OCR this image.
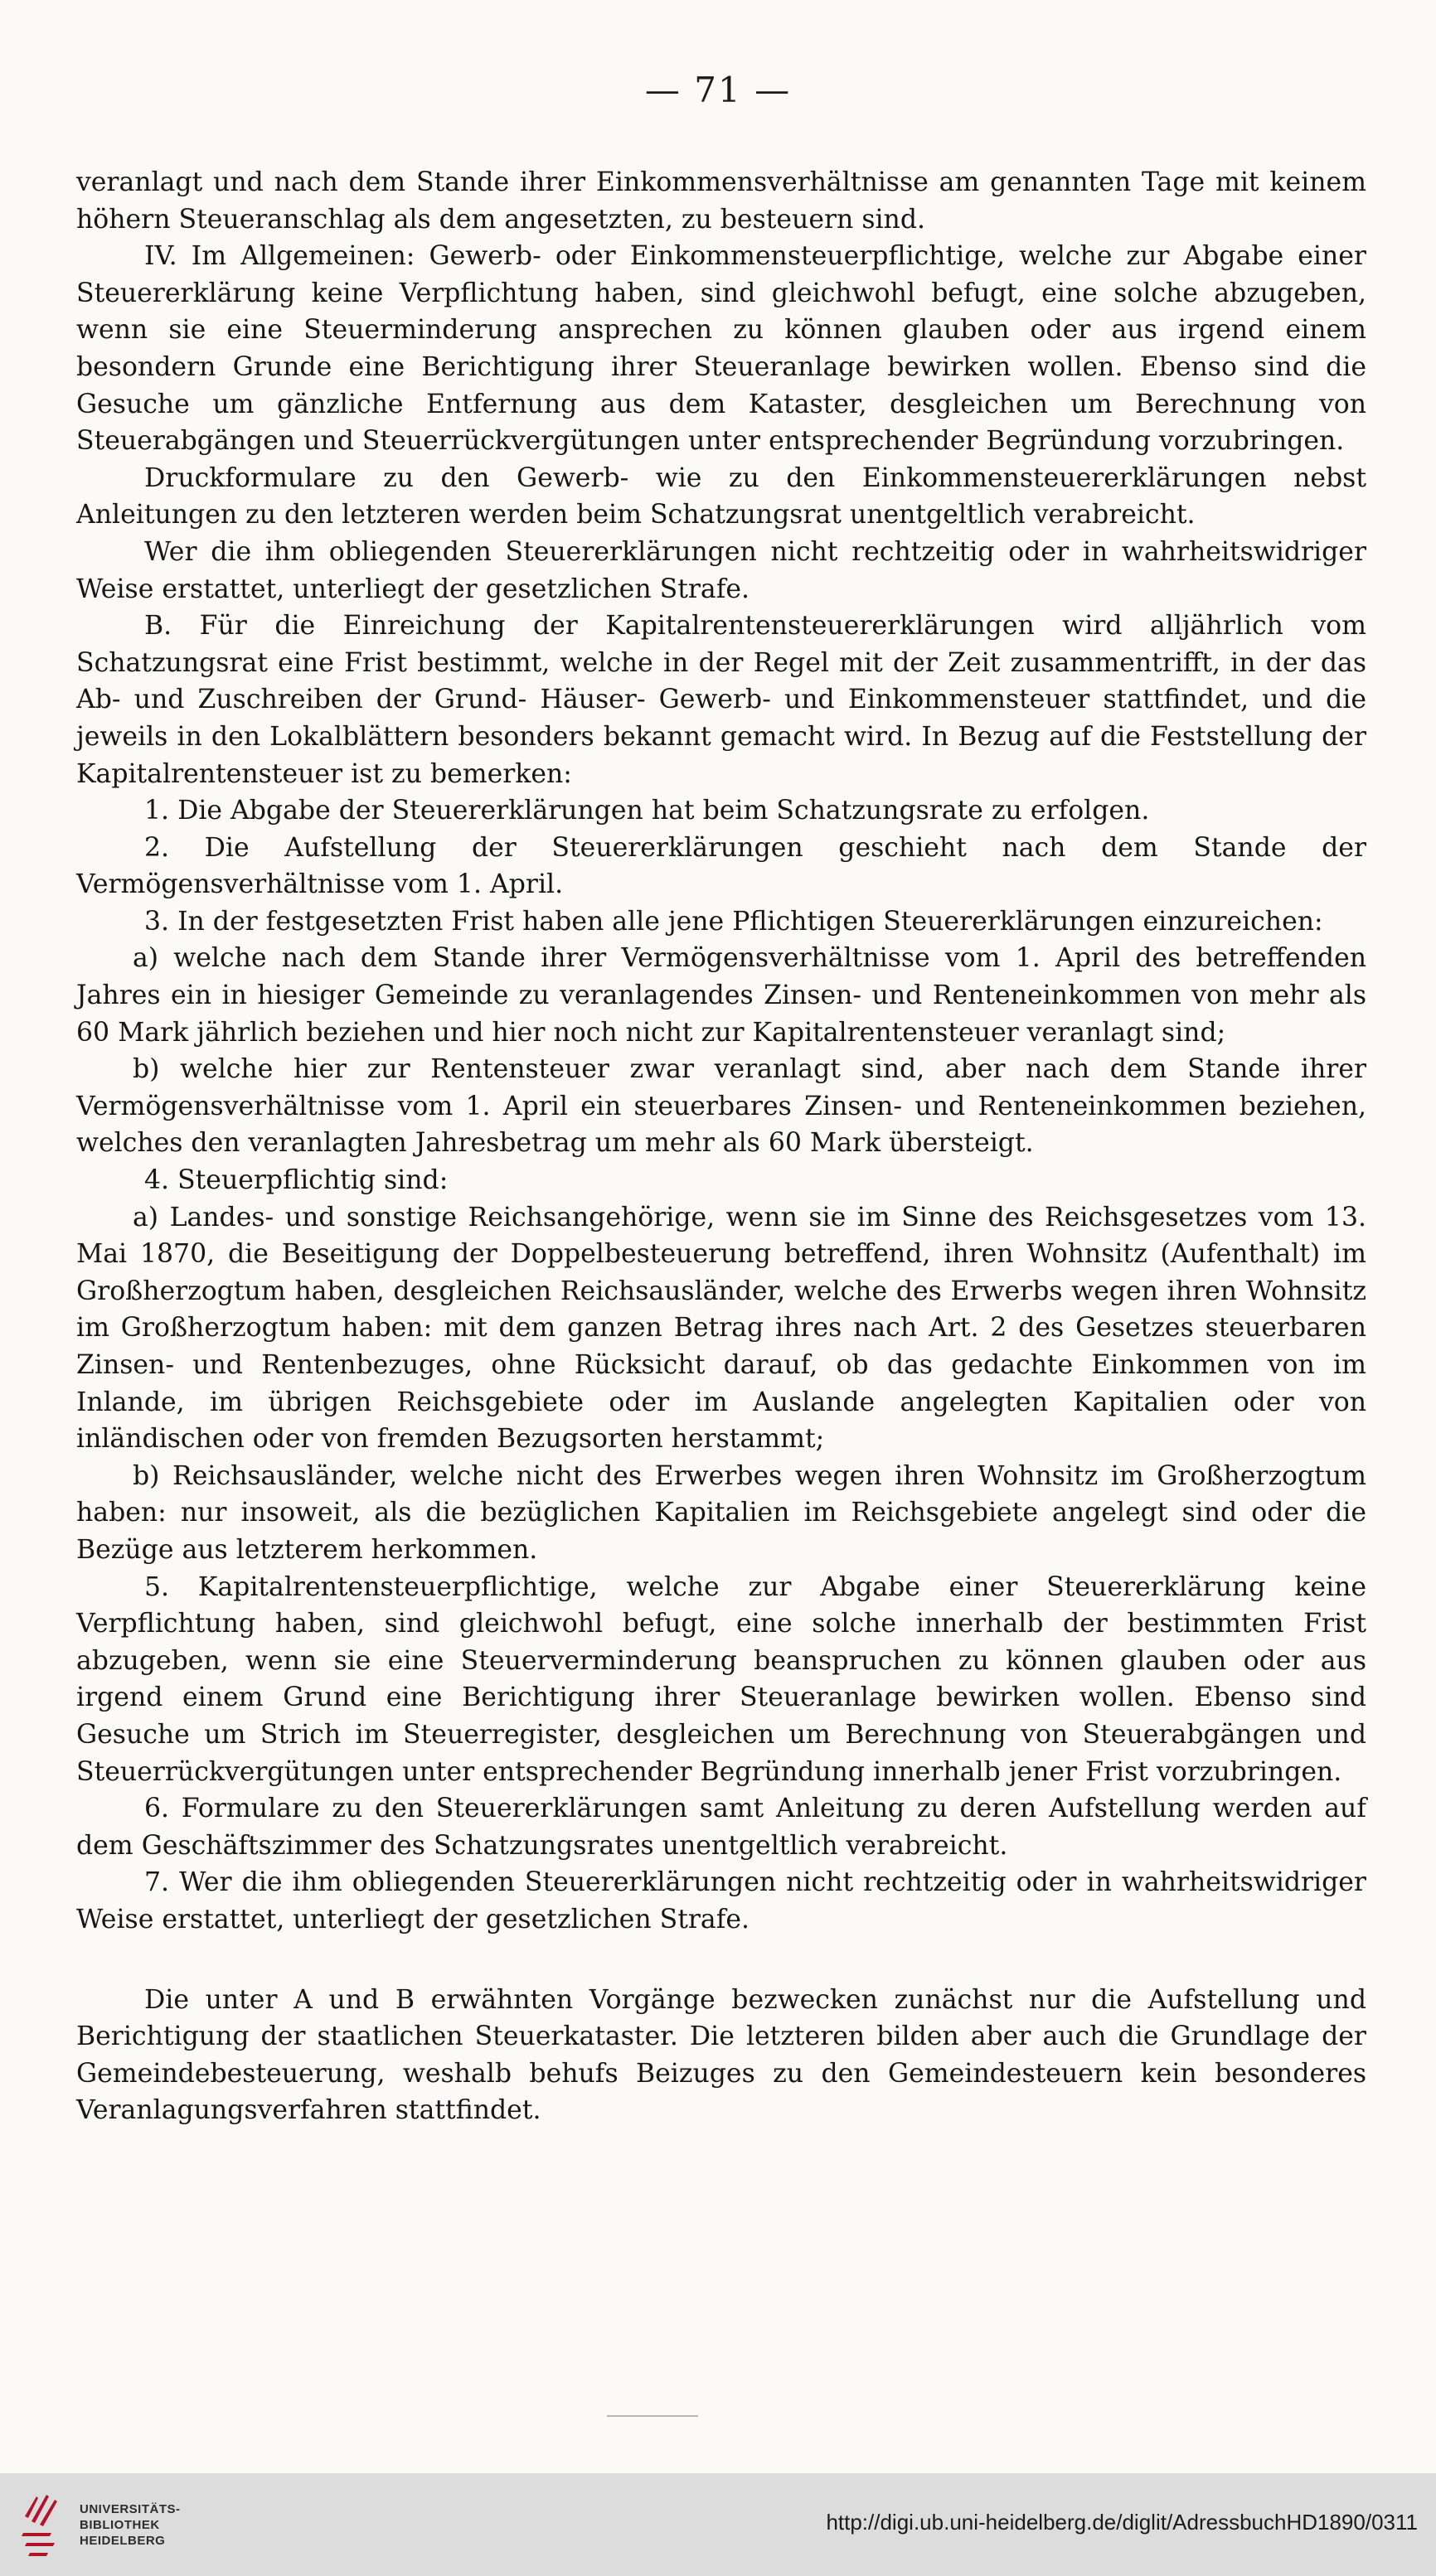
— 71 —

veranlagt und nach dem Stande ihrer Einkommensverhältnisse am genannten Tage mit keinem höhern Steueranschlag als dem angesetzten, zu besteuern sind.

IV. Im Allgemeinen: Gewerb- oder Einkommensteuerpflichtige, welche zur Abgabe einer Steuererklärung keine Verpflichtung haben, sind gleichwohl befugt, eine solche abzugeben, wenn sie eine Steuerminderung ansprechen zu können glauben oder aus irgend einem besondern Grunde eine Berichtigung ihrer Steueranlage bewirken wollen. Ebenso sind die Gesuche um gänzliche Entfernung aus dem Kataster, desgleichen um Berechnung von Steuerabgängen und Steuerrückvergütungen unter entsprechender Begründung vorzubringen.

Druckformulare zu den Gewerb- wie zu den Einkommensteuererklärungen nebst Anleitungen zu den letzteren werden beim Schatzungsrat unentgeltlich verabreicht.

Wer die ihm obliegenden Steuererklärungen nicht rechtzeitig oder in wahrheitswidriger Weise erstattet, unterliegt der gesetzlichen Strafe.

B. Für die Einreichung der Kapitalrentensteuererklärungen wird alljährlich vom Schatzungsrat eine Frist bestimmt, welche in der Regel mit der Zeit zusammentrifft, in der das Ab- und Zuschreiben der Grund- Häuser- Gewerb- und Einkommensteuer stattfindet, und die jeweils in den Lokalblättern besonders bekannt gemacht wird. In Bezug auf die Feststellung der Kapitalrentensteuer ist zu bemerken:

1. Die Abgabe der Steuererklärungen hat beim Schatzungsrate zu erfolgen.

2. Die Aufstellung der Steuererklärungen geschieht nach dem Stande der Vermögensverhältnisse vom 1. April.

3. In der festgesetzten Frist haben alle jene Pflichtigen Steuererklärungen einzureichen:

a) welche nach dem Stande ihrer Vermögensverhältnisse vom 1. April des betreffenden Jahres ein in hiesiger Gemeinde zu veranlagendes Zinsen- und Renteneinkommen von mehr als 60 Mark jährlich beziehen und hier noch nicht zur Kapitalrentensteuer veranlagt sind;

b) welche hier zur Rentensteuer zwar veranlagt sind, aber nach dem Stande ihrer Vermögensverhältnisse vom 1. April ein steuerbares Zinsen- und Renteneinkommen beziehen, welches den veranlagten Jahresbetrag um mehr als 60 Mark übersteigt.

4. Steuerpflichtig sind:

a) Landes- und sonstige Reichsangehörige, wenn sie im Sinne des Reichsgesetzes vom 13. Mai 1870, die Beseitigung der Doppelbesteuerung betreffend, ihren Wohnsitz (Aufenthalt) im Großherzogtum haben, desgleichen Reichsausländer, welche des Erwerbs wegen ihren Wohnsitz im Großherzogtum haben: mit dem ganzen Betrag ihres nach Art. 2 des Gesetzes steuerbaren Zinsen- und Rentenbezuges, ohne Rücksicht darauf, ob das gedachte Einkommen von im Inlande, im übrigen Reichsgebiete oder im Auslande angelegten Kapitalien oder von inländischen oder von fremden Bezugsorten herstammt;

b) Reichsausländer, welche nicht des Erwerbes wegen ihren Wohnsitz im Großherzogtum haben: nur insoweit, als die bezüglichen Kapitalien im Reichsgebiete angelegt sind oder die Bezüge aus letzterem herkommen.

5. Kapitalrentensteuerpflichtige, welche zur Abgabe einer Steuererklärung keine Verpflichtung haben, sind gleichwohl befugt, eine solche innerhalb der bestimmten Frist abzugeben, wenn sie eine Steuerverminderung beanspruchen zu können glauben oder aus irgend einem Grund eine Berichtigung ihrer Steueranlage bewirken wollen. Ebenso sind Gesuche um Strich im Steuerregister, desgleichen um Berechnung von Steuerabgängen und Steuerrückvergütungen unter entsprechender Begründung innerhalb jener Frist vorzubringen.

6. Formulare zu den Steuererklärungen samt Anleitung zu deren Aufstellung werden auf dem Geschäftszimmer des Schatzungsrates unentgeltlich verabreicht.

7. Wer die ihm obliegenden Steuererklärungen nicht rechtzeitig oder in wahrheitswidriger Weise erstattet, unterliegt der gesetzlichen Strafe.

Die unter A und B erwähnten Vorgänge bezwecken zunächst nur die Aufstellung und Berichtigung der staatlichen Steuerkataster. Die letzteren bilden aber auch die Grundlage der Gemeindebesteuerung, weshalb behufs Beizuges zu den Gemeindesteuern kein besonderes Veranlagungsverfahren stattfindet.

UNIVERSITÄTS-
BIBLIOTHEK
HEIDELBERG
http://digi.ub.uni-heidelberg.de/diglit/AdressbuchHD1890/0311
